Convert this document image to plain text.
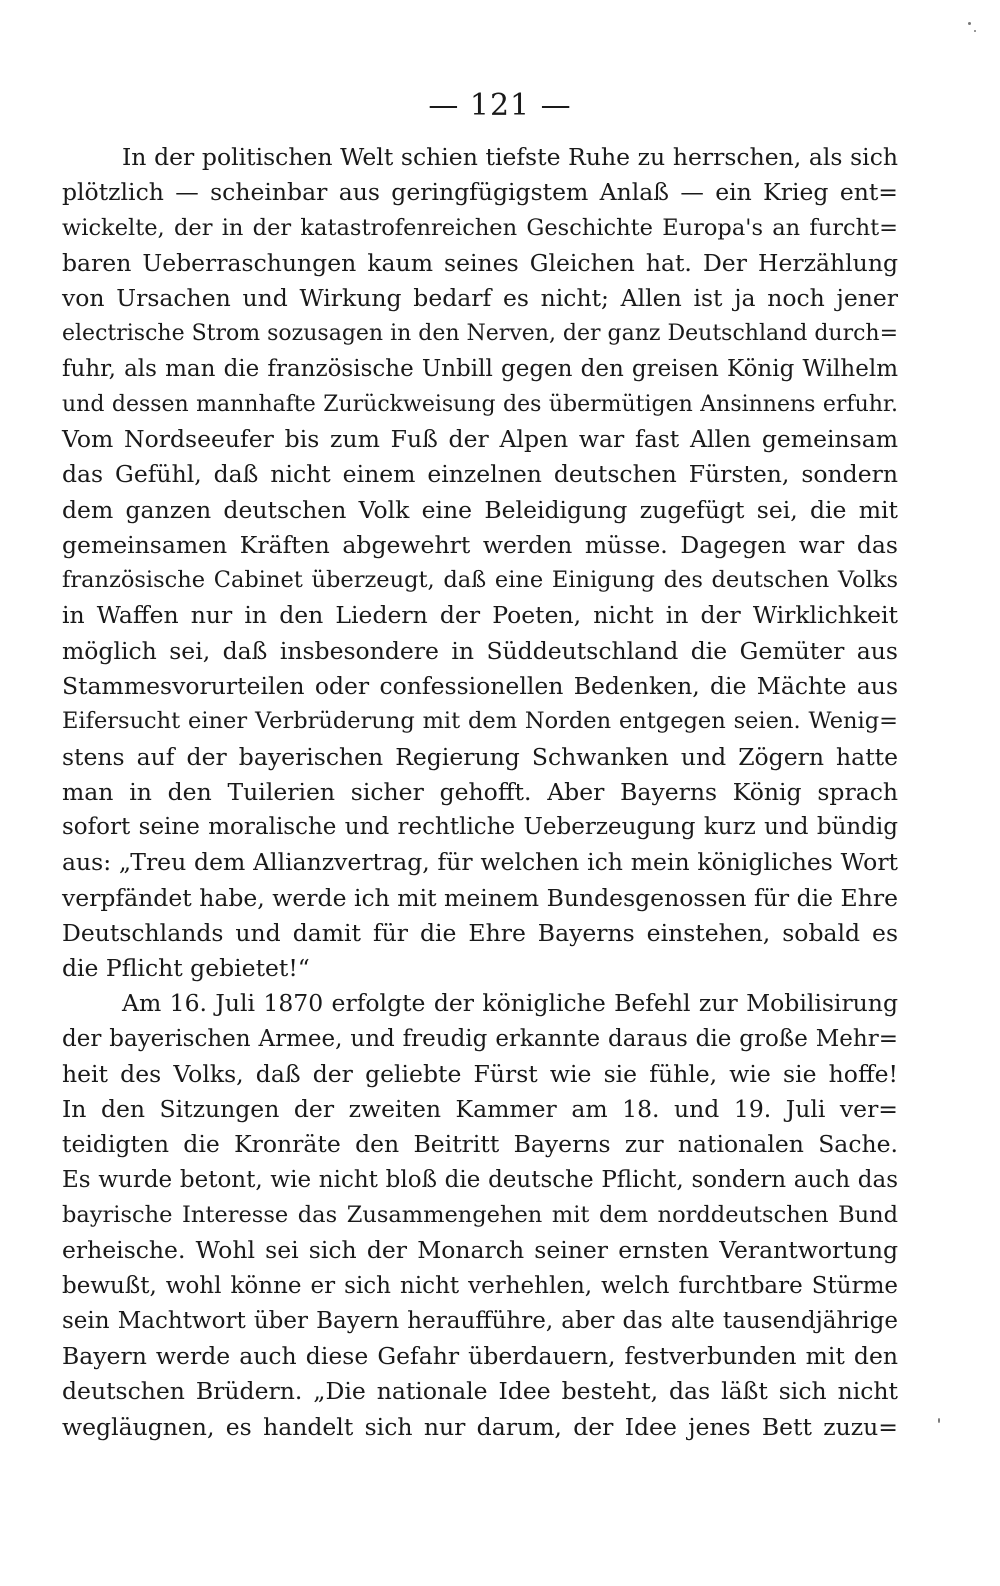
— 121 —
In der politischen Welt schien tiefste Ruhe zu herrschen, als sich
plötzlich — scheinbar aus geringfügigstem Anlaß — ein Krieg ent=
wickelte, der in der katastrofenreichen Geschichte Europa's an furcht=
baren Ueberraschungen kaum seines Gleichen hat. Der Herzählung
von Ursachen und Wirkung bedarf es nicht; Allen ist ja noch jener
electrische Strom sozusagen in den Nerven, der ganz Deutschland durch=
fuhr, als man die französische Unbill gegen den greisen König Wilhelm
und dessen mannhafte Zurückweisung des übermütigen Ansinnens erfuhr.
Vom Nordseeufer bis zum Fuß der Alpen war fast Allen gemeinsam
das Gefühl, daß nicht einem einzelnen deutschen Fürsten, sondern
dem ganzen deutschen Volk eine Beleidigung zugefügt sei, die mit
gemeinsamen Kräften abgewehrt werden müsse. Dagegen war das
französische Cabinet überzeugt, daß eine Einigung des deutschen Volks
in Waffen nur in den Liedern der Poeten, nicht in der Wirklichkeit
möglich sei, daß insbesondere in Süddeutschland die Gemüter aus
Stammesvorurteilen oder confessionellen Bedenken, die Mächte aus
Eifersucht einer Verbrüderung mit dem Norden entgegen seien. Wenig=
stens auf der bayerischen Regierung Schwanken und Zögern hatte
man in den Tuilerien sicher gehofft. Aber Bayerns König sprach
sofort seine moralische und rechtliche Ueberzeugung kurz und bündig
aus: „Treu dem Allianzvertrag, für welchen ich mein königliches Wort
verpfändet habe, werde ich mit meinem Bundesgenossen für die Ehre
Deutschlands und damit für die Ehre Bayerns einstehen, sobald es
die Pflicht gebietet!“
Am 16. Juli 1870 erfolgte der königliche Befehl zur Mobilisirung
der bayerischen Armee, und freudig erkannte daraus die große Mehr=
heit des Volks, daß der geliebte Fürst wie sie fühle, wie sie hoffe!
In den Sitzungen der zweiten Kammer am 18. und 19. Juli ver=
teidigten die Kronräte den Beitritt Bayerns zur nationalen Sache.
Es wurde betont, wie nicht bloß die deutsche Pflicht, sondern auch das
bayrische Interesse das Zusammengehen mit dem norddeutschen Bund
erheische. Wohl sei sich der Monarch seiner ernsten Verantwortung
bewußt, wohl könne er sich nicht verhehlen, welch furchtbare Stürme
sein Machtwort über Bayern heraufführe, aber das alte tausendjährige
Bayern werde auch diese Gefahr überdauern, festverbunden mit den
deutschen Brüdern. „Die nationale Idee besteht, das läßt sich nicht
wegläugnen, es handelt sich nur darum, der Idee jenes Bett zuzu=
